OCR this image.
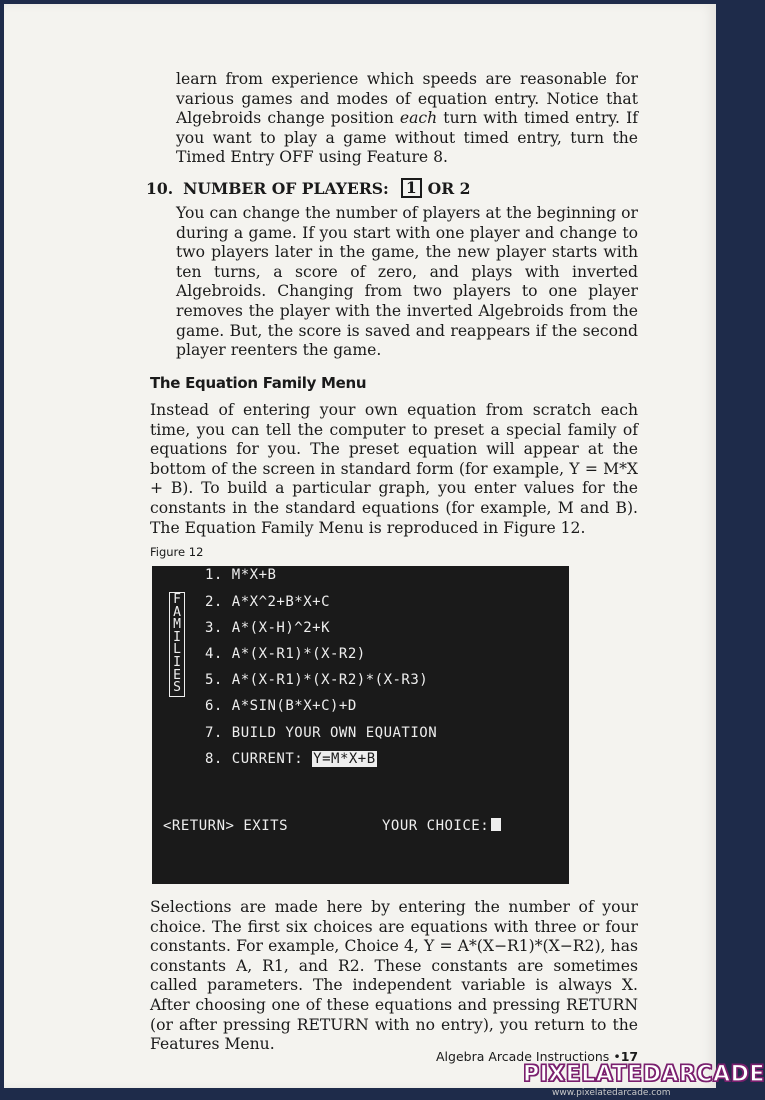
learn from experience which speeds are reasonable for various games and modes of equation entry. Notice that Algebroids change position each turn with timed entry. If you want to play a game without timed entry, turn the Timed Entry OFF using Feature 8.

10. NUMBER OF PLAYERS:	1 OR 2

You can change the number of players at the beginning or during a game. If you start with one player and change to two players later in the game, the new player starts with ten turns, a score of zero, and plays with inverted Algebroids. Changing from two players to one player removes the player with the inverted Algebroids from the game. But, the score is saved and reappears if the second player reenters the game.

The Equation Family Menu

Instead of entering your own equation from scratch each time, you can tell the computer to preset a special family of equations for you. The preset equation will appear at the bottom of the screen in standard form (for example, Y = M*X + B). To build a particular graph, you enter values for the constants in the standard equations (for example, M and B). The Equation Family Menu is reproduced in Figure 12.

Figure 12

F
A
M
I
L
I
E
S
1. M*X+B
2. A*X^2+B*X+C
3. A*(X-H)^2+K
4. A*(X-R1)*(X-R2)
5. A*(X-R1)*(X-R2)*(X-R3)
6. A*SIN(B*X+C)+D
7. BUILD YOUR OWN EQUATION
8. CURRENT: Y=M*X+B
<RETURN> EXITS	YOUR CHOICE:

Selections are made here by entering the number of your choice. The first six choices are equations with three or four constants. For example, Choice 4, Y = A*(X−R1)*(X−R2), has constants A, R1, and R2. These constants are sometimes called parameters. The independent variable is always X. After choosing one of these equations and pressing RETURN (or after pressing RETURN with no entry), you return to the Features Menu.

Algebra Arcade Instructions •17

PIXELATEDARCADE

www.pixelatedarcade.com
